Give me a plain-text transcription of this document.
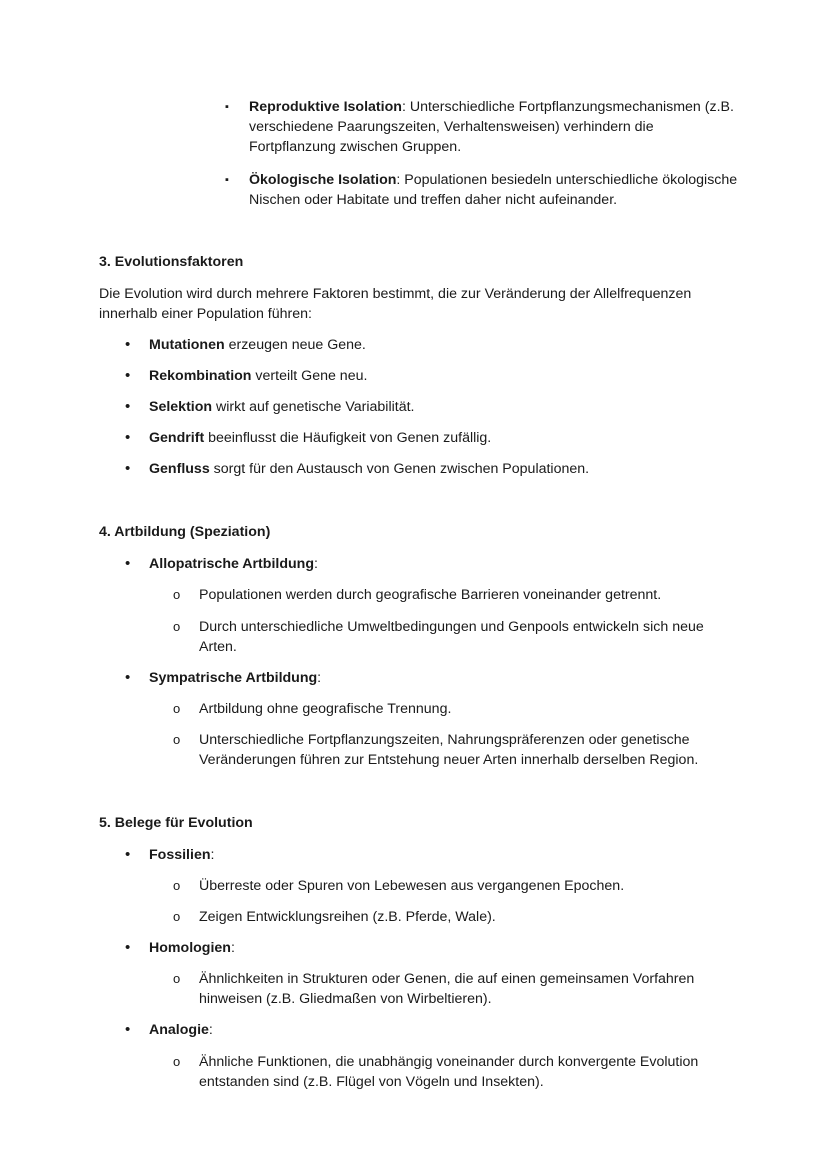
▪ Reproduktive Isolation: Unterschiedliche Fortpflanzungsmechanismen (z.B. verschiedene Paarungszeiten, Verhaltensweisen) verhindern die Fortpflanzung zwischen Gruppen.
▪ Ökologische Isolation: Populationen besiedeln unterschiedliche ökologische Nischen oder Habitate und treffen daher nicht aufeinander.
3. Evolutionsfaktoren
Die Evolution wird durch mehrere Faktoren bestimmt, die zur Veränderung der Allelfrequenzen innerhalb einer Population führen:
• Mutationen erzeugen neue Gene.
• Rekombination verteilt Gene neu.
• Selektion wirkt auf genetische Variabilität.
• Gendrift beeinflusst die Häufigkeit von Genen zufällig.
• Genfluss sorgt für den Austausch von Genen zwischen Populationen.
4. Artbildung (Speziation)
• Allopatrische Artbildung:
o Populationen werden durch geografische Barrieren voneinander getrennt.
o Durch unterschiedliche Umweltbedingungen und Genpools entwickeln sich neue Arten.
• Sympatrische Artbildung:
o Artbildung ohne geografische Trennung.
o Unterschiedliche Fortpflanzungszeiten, Nahrungspräferenzen oder genetische Veränderungen führen zur Entstehung neuer Arten innerhalb derselben Region.
5. Belege für Evolution
• Fossilien:
o Überreste oder Spuren von Lebewesen aus vergangenen Epochen.
o Zeigen Entwicklungsreihen (z.B. Pferde, Wale).
• Homologien:
o Ähnlichkeiten in Strukturen oder Genen, die auf einen gemeinsamen Vorfahren hinweisen (z.B. Gliedmaßen von Wirbeltieren).
• Analogie:
o Ähnliche Funktionen, die unabhängig voneinander durch konvergente Evolution entstanden sind (z.B. Flügel von Vögeln und Insekten).
